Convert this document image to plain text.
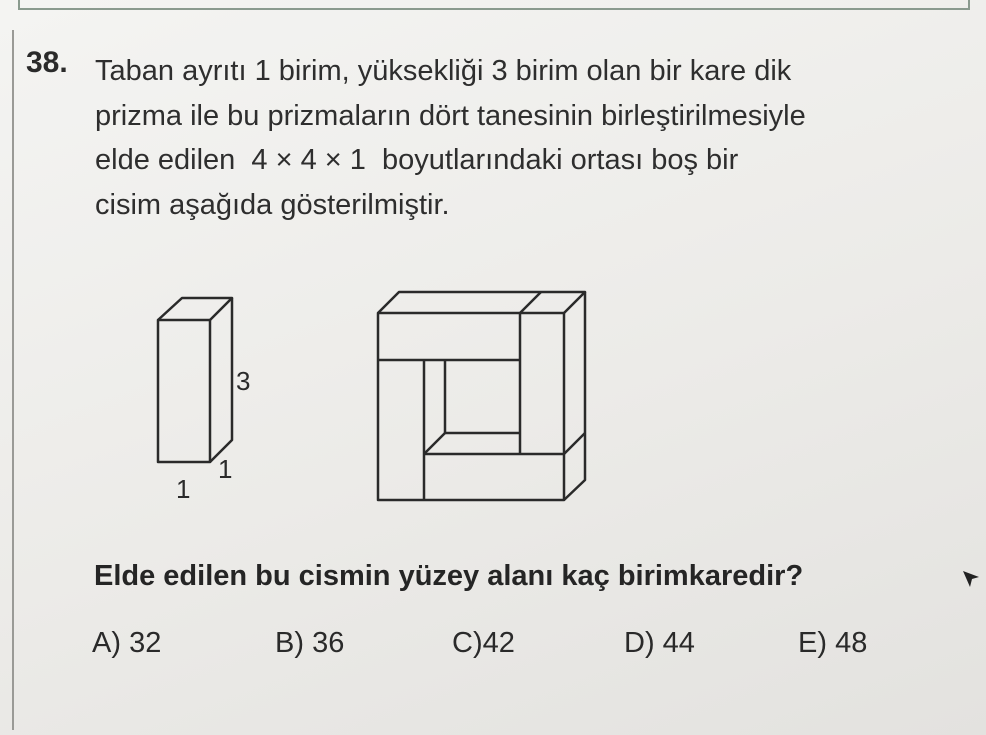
38. Taban ayrıtı 1 birim, yüksekliği 3 birim olan bir kare dik
prizma ile bu prizmaların dört tanesinin birleştirilmesiyle
elde edilen  4 × 4 × 1  boyutlarındaki ortası boş bir
cisim aşağıda gösterilmiştir.
3
1
1
Elde edilen bu cismin yüzey alanı kaç birimkaredir?
A) 32	B) 36	C)42	D) 44	E) 48
